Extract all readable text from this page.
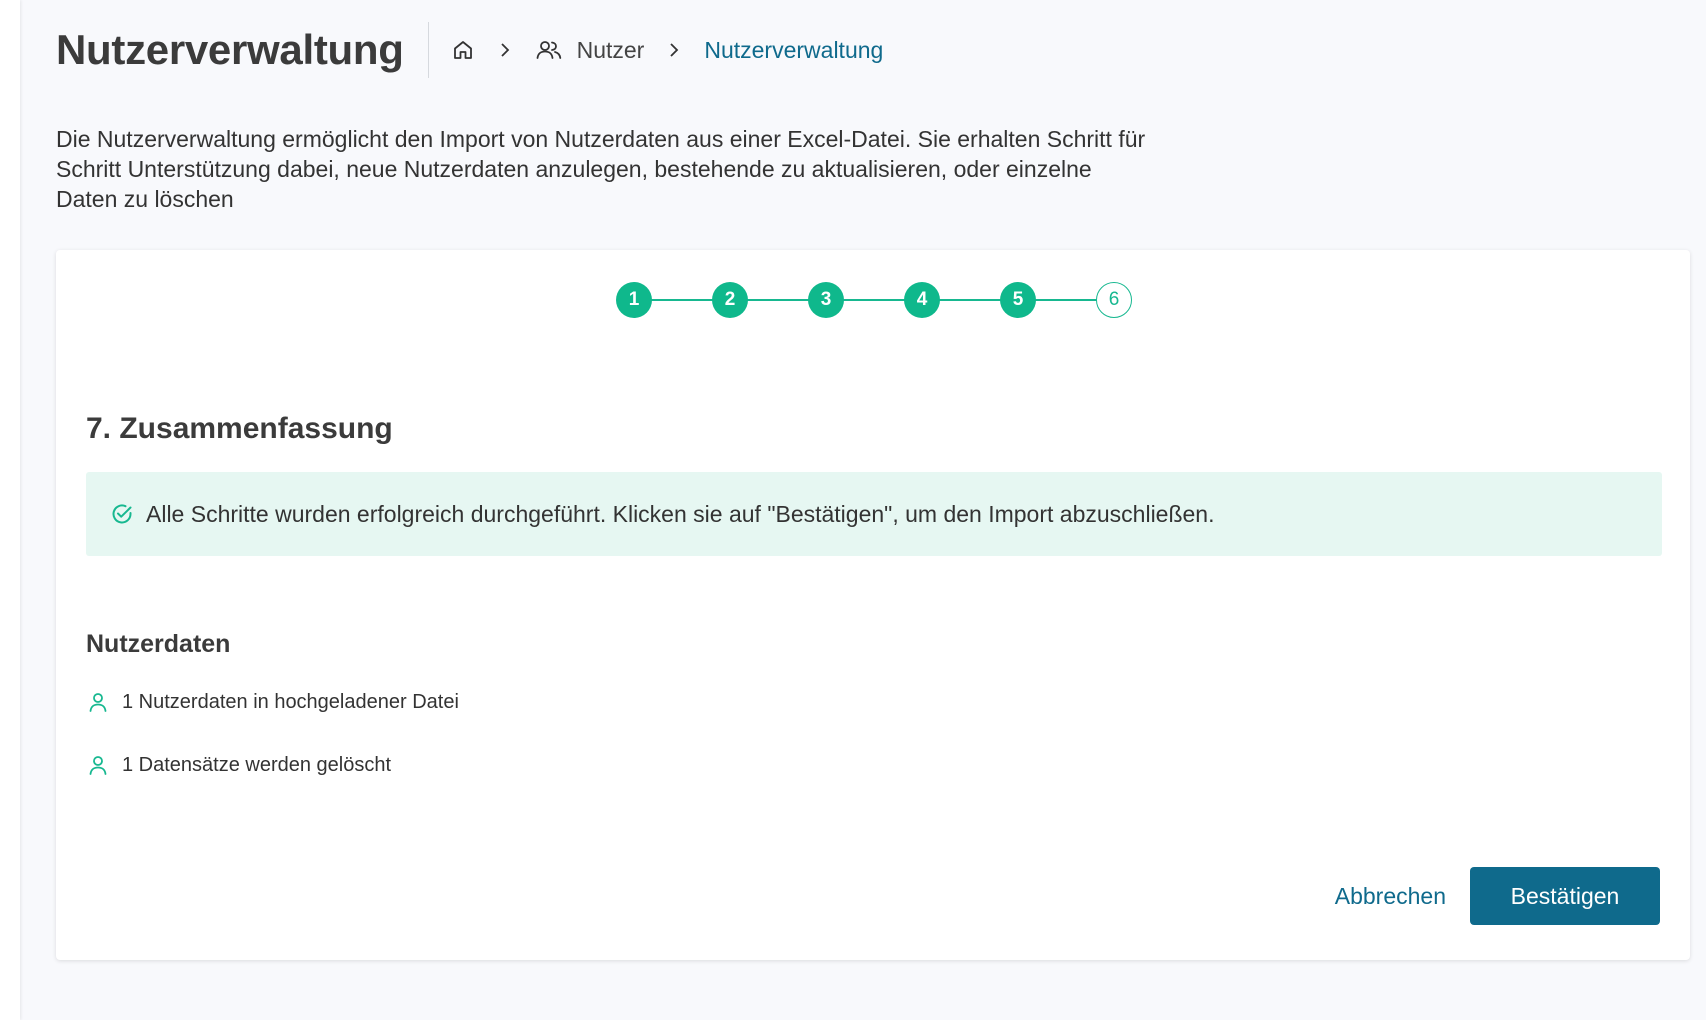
Nutzerverwaltung	Nutzer	Nutzerverwaltung

Die Nutzerverwaltung ermöglicht den Import von Nutzerdaten aus einer Excel-Datei. Sie erhalten Schritt für Schritt Unterstützung dabei, neue Nutzerdaten anzulegen, bestehende zu aktualisieren, oder einzelne Daten zu löschen

1	2	3	4	5	6
7. Zusammenfassung
Alle Schritte wurden erfolgreich durchgeführt. Klicken sie auf "Bestätigen", um den Import abzuschließen.
Nutzerdaten
1 Nutzerdaten in hochgeladener Datei
1 Datensätze werden gelöscht
Abbrechen	Bestätigen
